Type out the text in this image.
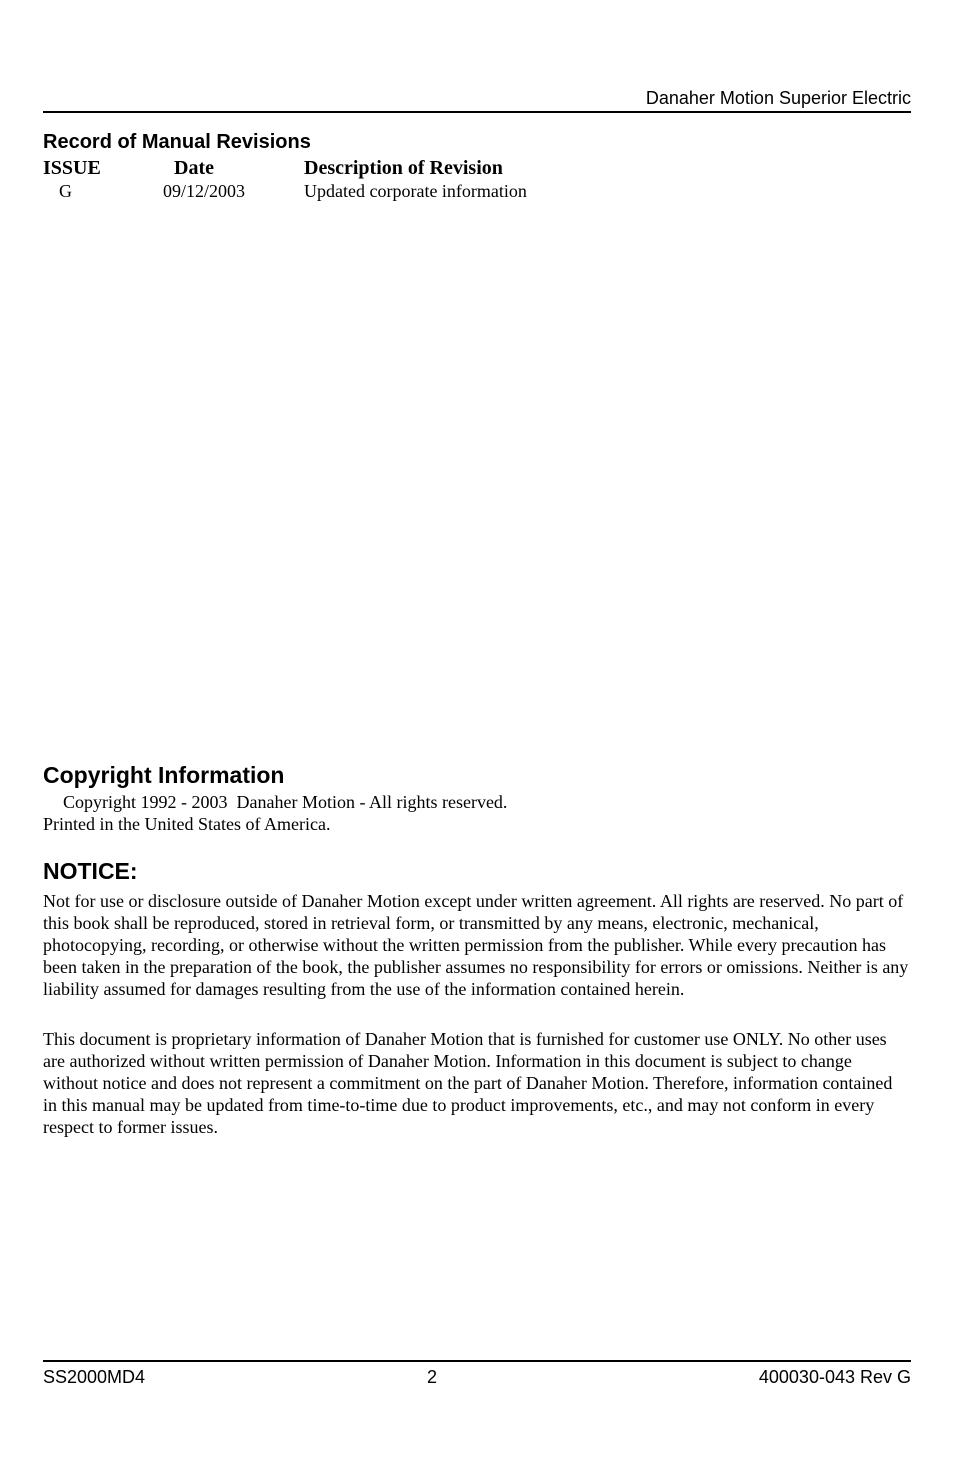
Danaher Motion Superior Electric
Record of Manual Revisions
ISSUE	Date	Description of Revision
G	09/12/2003	Updated corporate information
Copyright Information
Copyright 1992 - 2003  Danaher Motion - All rights reserved.
Printed in the United States of America.
NOTICE:

Not for use or disclosure outside of Danaher Motion except under written agreement. All rights are reserved. No part of this book shall be reproduced, stored in retrieval form, or transmitted by any means, electronic, mechanical, photocopying, recording, or otherwise without the written permission from the publisher. While every precaution has been taken in the preparation of the book, the publisher assumes no responsibility for errors or omissions. Neither is any liability assumed for damages resulting from the use of the information contained herein.

This document is proprietary information of Danaher Motion that is furnished for customer use ONLY. No other uses are authorized without written permission of Danaher Motion. Information in this document is subject to change without notice and does not represent a commitment on the part of Danaher Motion. Therefore, information contained in this manual may be updated from time-to-time due to product improvements, etc., and may not conform in every respect to former issues.

SS2000MD4	2	400030-043 Rev G
